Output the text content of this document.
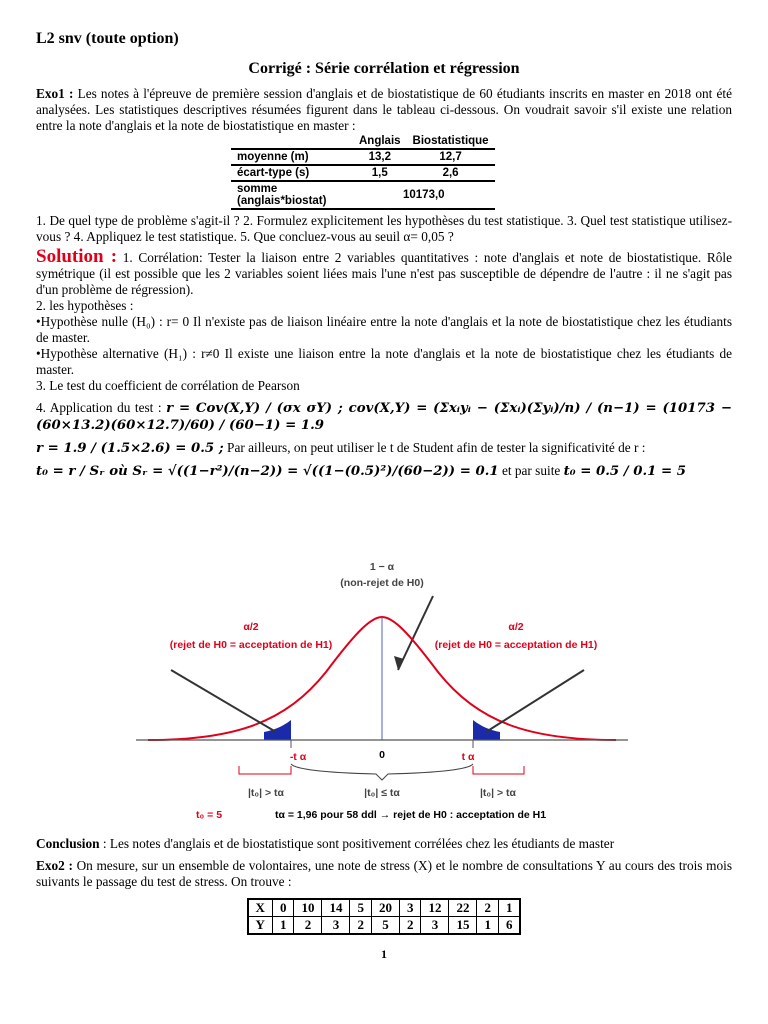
L2 snv (toute option)
Corrigé : Série corrélation et régression

Exo1 : Les notes à l'épreuve de première session d'anglais et de biostatistique de 60 étudiants inscrits en master en 2018 ont été analysées. Les statistiques descriptives résumées figurent dans le tableau ci-dessous. On voudrait savoir s'il existe une relation entre la note d'anglais et la note de biostatistique en master :

	Anglais	Biostatistique
moyenne (m)	13,2	12,7
écart-type (s)	1,5	2,6
somme (anglais*biostat)	10173,0	

1. De quel type de problème s'agit-il ? 2. Formulez explicitement les hypothèses du test statistique. 3. Quel test statistique utilisez-vous ? 4. Appliquez le test statistique. 5. Que concluez-vous au seuil α= 0,05 ?

Solution : 1. Corrélation: Tester la liaison entre 2 variables quantitatives : note d'anglais et note de biostatistique. Rôle symétrique (il est possible que les 2 variables soient liées mais l'une n'est pas susceptible de dépendre de l'autre : il ne s'agit pas d'un problème de régression).

2. les hypothèses :

•Hypothèse nulle (H₀) : r= 0 Il n'existe pas de liaison linéaire entre la note d'anglais et la note de biostatistique chez les étudiants de master.

•Hypothèse alternative (H₁) : r≠0 Il existe une liaison entre la note d'anglais et la note de biostatistique chez les étudiants de master.

3. Le test du coefficient de corrélation de Pearson

4. Application du test : r = Cov(X,Y) / (σx σY) ; cov(X,Y) = (Σxᵢyᵢ − (Σxᵢ)(Σyᵢ)/n) / (n−1) = (10173 − (60×13.2)(60×12.7)/60) / (60−1) = 1.9

r = 1.9 / (1.5×2.6) = 0.5 ; Par ailleurs, on peut utiliser le t de Student afin de tester la significativité de r :

t₀ = r / Sᵣ où Sᵣ = √((1−r²)/(n−2)) = √((1−(0.5)²)/(60−2)) = 0.1 et par suite t₀ = 0.5 / 0.1 = 5

1 − α
(non-rejet de H0)
α/2	α/2
(rejet de H0 = acceptation de H1)	(rejet de H0 = acceptation de H1)
-t α	0	t α
|t₀| > tα	|t₀| ≤ tα	|t₀| > tα
t₀ = 5	tα = 1,96 pour 58 ddl → rejet de H0 : acceptation de H1

Conclusion : Les notes d'anglais et de biostatistique sont positivement corrélées chez les étudiants de master

Exo2 : On mesure, sur un ensemble de volontaires, une note de stress (X) et le nombre de consultations Y au cours des trois mois suivants le passage du test de stress. On trouve :

X	0	10	14	5	20	3	12	22	2	1
Y	1	2	3	2	5	2	3	15	1	6
1
